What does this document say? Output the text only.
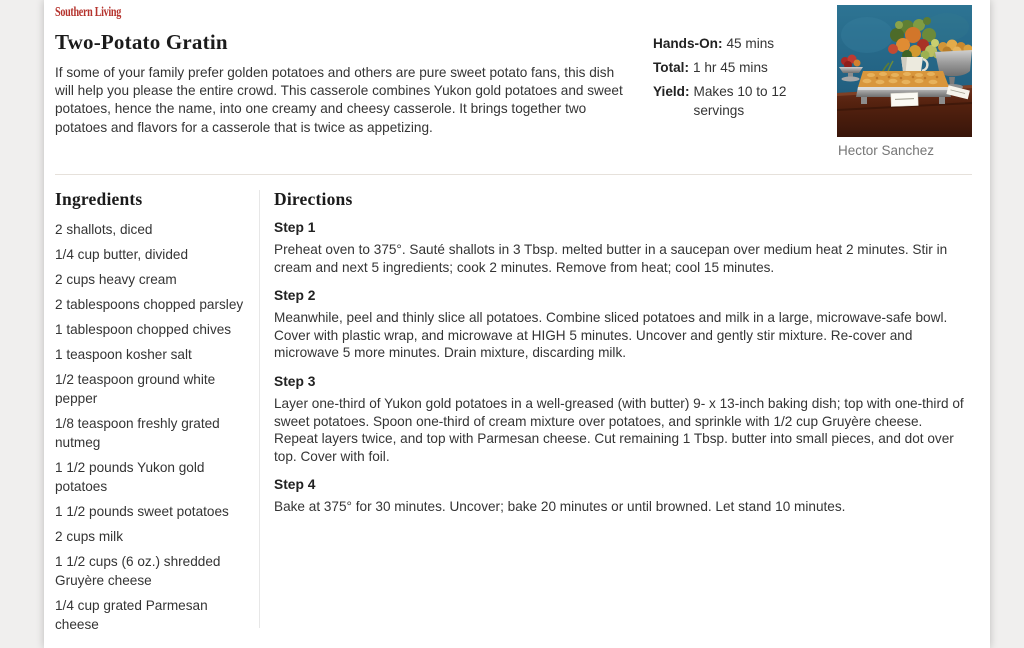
Southern Living
Two-Potato Gratin

If some of your family prefer golden potatoes and others are pure sweet potato fans, this dish will help you please the entire crowd. This casserole combines Yukon gold potatoes and sweet potatoes, hence the name, into one creamy and cheesy casserole. It brings together two potatoes and flavors for a casserole that is twice as appetizing.

Hands-On: 45 mins
Total: 1 hr 45 mins
Yield: Makes 10 to 12 servings
Hector Sanchez
Ingredients
2 shallots, diced
1/4 cup butter, divided
2 cups heavy cream
2 tablespoons chopped parsley
1 tablespoon chopped chives
1 teaspoon kosher salt
1/2 teaspoon ground white pepper
1/8 teaspoon freshly grated nutmeg
1 1/2 pounds Yukon gold potatoes
1 1/2 pounds sweet potatoes
2 cups milk
1 1/2 cups (6 oz.) shredded Gruyère cheese
1/4 cup grated Parmesan cheese
Directions
Step 1
Preheat oven to 375°. Sauté shallots in 3 Tbsp. melted butter in a saucepan over medium heat 2 minutes. Stir in cream and next 5 ingredients; cook 2 minutes. Remove from heat; cool 15 minutes.
Step 2
Meanwhile, peel and thinly slice all potatoes. Combine sliced potatoes and milk in a large, microwave-safe bowl. Cover with plastic wrap, and microwave at HIGH 5 minutes. Uncover and gently stir mixture. Re-cover and microwave 5 more minutes. Drain mixture, discarding milk.
Step 3
Layer one-third of Yukon gold potatoes in a well-greased (with butter) 9- x 13-inch baking dish; top with one-third of sweet potatoes. Spoon one-third of cream mixture over potatoes, and sprinkle with 1/2 cup Gruyère cheese. Repeat layers twice, and top with Parmesan cheese. Cut remaining 1 Tbsp. butter into small pieces, and dot over top. Cover with foil.
Step 4
Bake at 375° for 30 minutes. Uncover; bake 20 minutes or until browned. Let stand 10 minutes.
